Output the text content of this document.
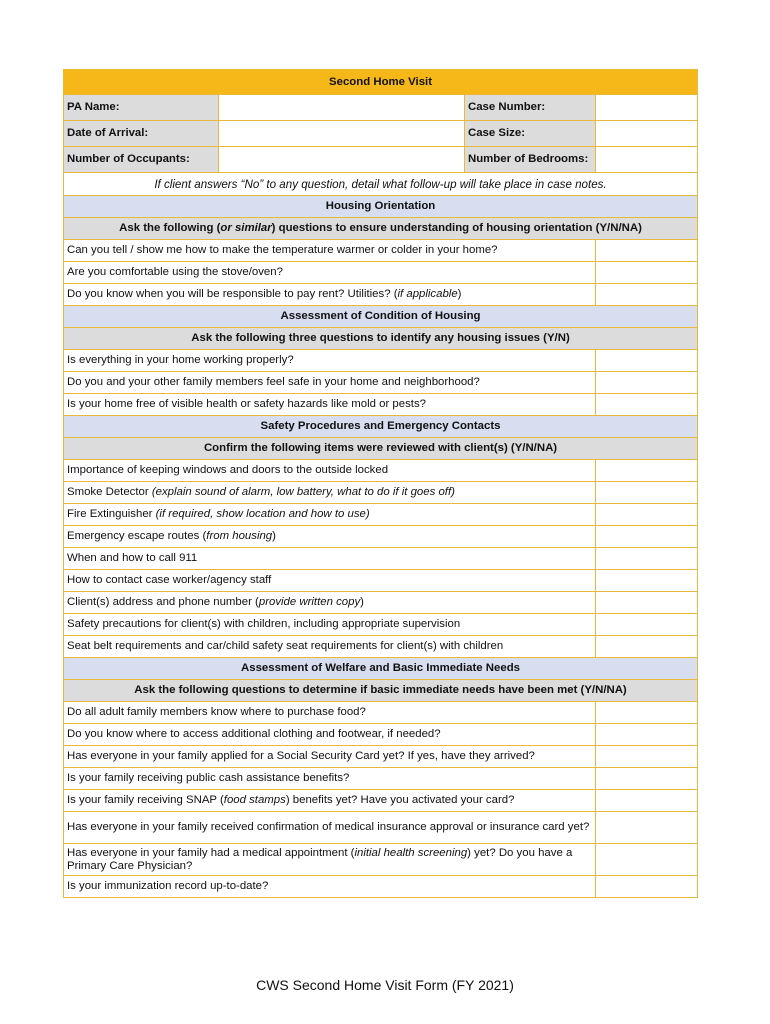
Second Home Visit			
PA Name:		Case Number:	
Date of Arrival:		Case Size:	
Number of Occupants:		Number of Bedrooms:	
If client answers “No” to any question, detail what follow-up will take place in case notes.			
Housing Orientation			
Ask the following (or similar) questions to ensure understanding of housing orientation (Y/N/NA)			
Can you tell / show me how to make the temperature warmer or colder in your home?			
Are you comfortable using the stove/oven?			
Do you know when you will be responsible to pay rent? Utilities? (if applicable)			
Assessment of Condition of Housing			
Ask the following three questions to identify any housing issues (Y/N)			
Is everything in your home working properly?			
Do you and your other family members feel safe in your home and neighborhood?			
Is your home free of visible health or safety hazards like mold or pests?			
Safety Procedures and Emergency Contacts			
Confirm the following items were reviewed with client(s) (Y/N/NA)			
Importance of keeping windows and doors to the outside locked			
Smoke Detector (explain sound of alarm, low battery, what to do if it goes off)			
Fire Extinguisher (if required, show location and how to use)			
Emergency escape routes (from housing)			
When and how to call 911			
How to contact case worker/agency staff			
Client(s) address and phone number (provide written copy)			
Safety precautions for client(s) with children, including appropriate supervision			
Seat belt requirements and car/child safety seat requirements for client(s) with children			
Assessment of Welfare and Basic Immediate Needs			
Ask the following questions to determine if basic immediate needs have been met (Y/N/NA)			
Do all adult family members know where to purchase food?			
Do you know where to access additional clothing and footwear, if needed?			
Has everyone in your family applied for a Social Security Card yet? If yes, have they arrived?			
Is your family receiving public cash assistance benefits?			
Is your family receiving SNAP (food stamps) benefits yet? Have you activated your card?			
Has everyone in your family received confirmation of medical insurance approval or insurance card yet?			
Has everyone in your family had a medical appointment (initial health screening) yet? Do you have a Primary Care Physician?			
Is your immunization record up-to-date?			
CWS Second Home Visit Form (FY 2021)
